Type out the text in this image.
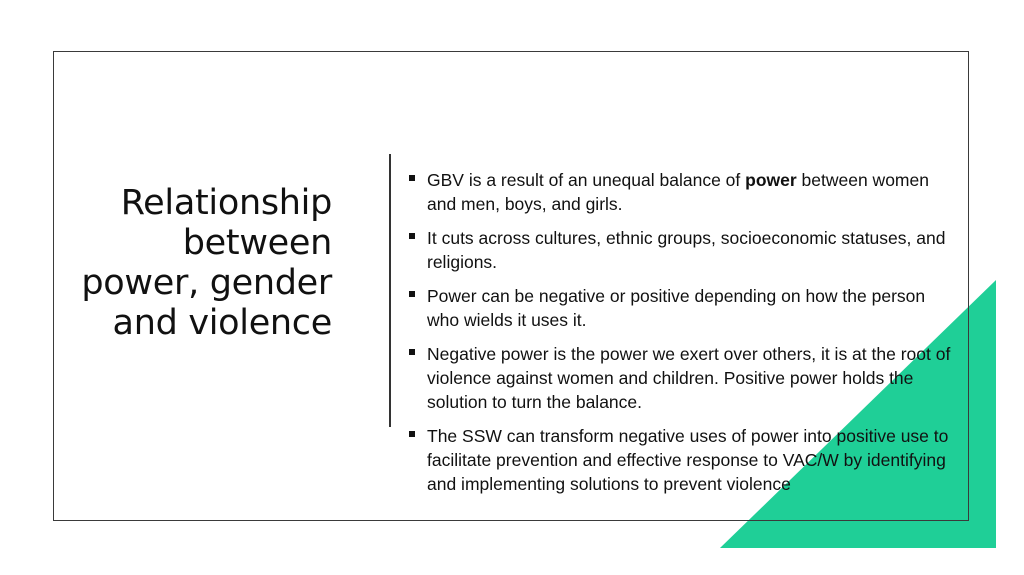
Relationship between power, gender and violence
GBV is a result of an unequal balance of power between women and men, boys, and girls.
It cuts across cultures, ethnic groups, socioeconomic statuses, and religions.
Power can be negative or positive depending on how the person who wields it uses it.
Negative power is the power we exert over others, it is at the root of violence against women and children. Positive power holds the solution to turn the balance.
The SSW can transform negative uses of power into positive use to facilitate prevention and effective response to VAC/W by identifying and implementing solutions to prevent violence
